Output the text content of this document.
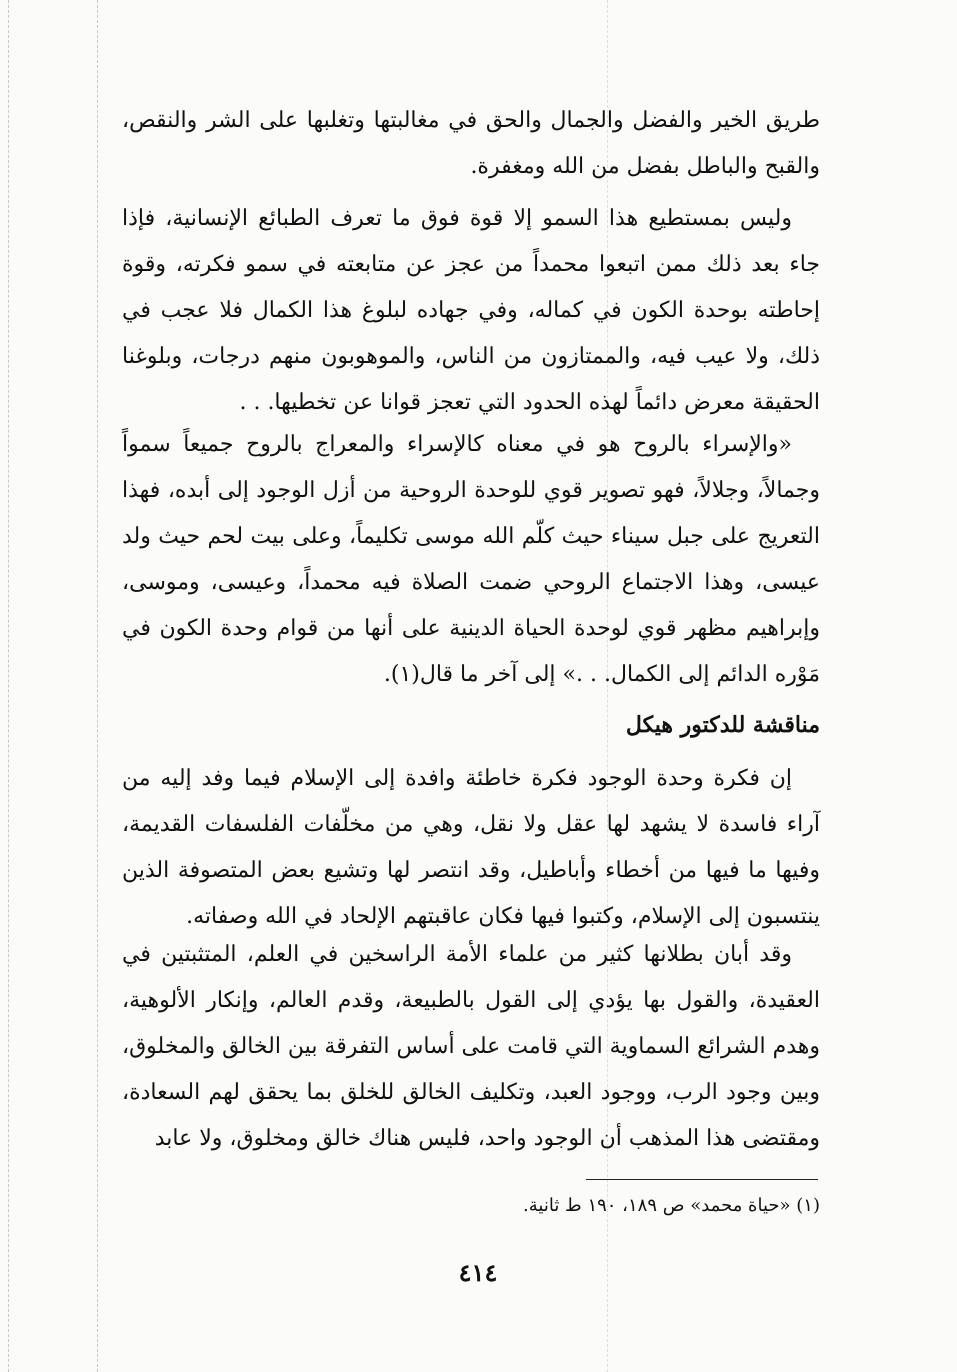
طريق الخير والفضل والجمال والحق في مغالبتها وتغلبها على الشر والنقص، والقبح والباطل بفضل من الله ومغفرة.

وليس بمستطيع هذا السمو إلا قوة فوق ما تعرف الطبائع الإنسانية، فإذا جاء بعد ذلك ممن اتبعوا محمداً من عجز عن متابعته في سمو فكرته، وقوة إحاطته بوحدة الكون في كماله، وفي جهاده لبلوغ هذا الكمال فلا عجب في ذلك، ولا عيب فيه، والممتازون من الناس، والموهوبون منهم درجات، وبلوغنا الحقيقة معرض دائماً لهذه الحدود التي تعجز قوانا عن تخطيها. . .

«والإسراء بالروح هو في معناه كالإسراء والمعراج بالروح جميعاً سمواً وجمالاً، وجلالاً، فهو تصوير قوي للوحدة الروحية من أزل الوجود إلى أبده، فهذا التعريج على جبل سيناء حيث كلّم الله موسى تكليماً، وعلى بيت لحم حيث ولد عيسى، وهذا الاجتماع الروحي ضمت الصلاة فيه محمداً، وعيسى، وموسى، وإبراهيم مظهر قوي لوحدة الحياة الدينية على أنها من قوام وحدة الكون في مَوْره الدائم إلى الكمال. . .» إلى آخر ما قال(١).

مناقشة للدكتور هيكل

إن فكرة وحدة الوجود فكرة خاطئة وافدة إلى الإسلام فيما وفد إليه من آراء فاسدة لا يشهد لها عقل ولا نقل، وهي من مخلّفات الفلسفات القديمة، وفيها ما فيها من أخطاء وأباطيل، وقد انتصر لها وتشيع بعض المتصوفة الذين ينتسبون إلى الإسلام، وكتبوا فيها فكان عاقبتهم الإلحاد في الله وصفاته.

وقد أبان بطلانها كثير من علماء الأمة الراسخين في العلم، المتثبتين في العقيدة، والقول بها يؤدي إلى القول بالطبيعة، وقدم العالم، وإنكار الألوهية، وهدم الشرائع السماوية التي قامت على أساس التفرقة بين الخالق والمخلوق، وبين وجود الرب، ووجود العبد، وتكليف الخالق للخلق بما يحقق لهم السعادة، ومقتضى هذا المذهب أن الوجود واحد، فليس هناك خالق ومخلوق، ولا عابد

(١) «حياة محمد» ص ١٨٩، ١٩٠ ط ثانية.

٤١٤
